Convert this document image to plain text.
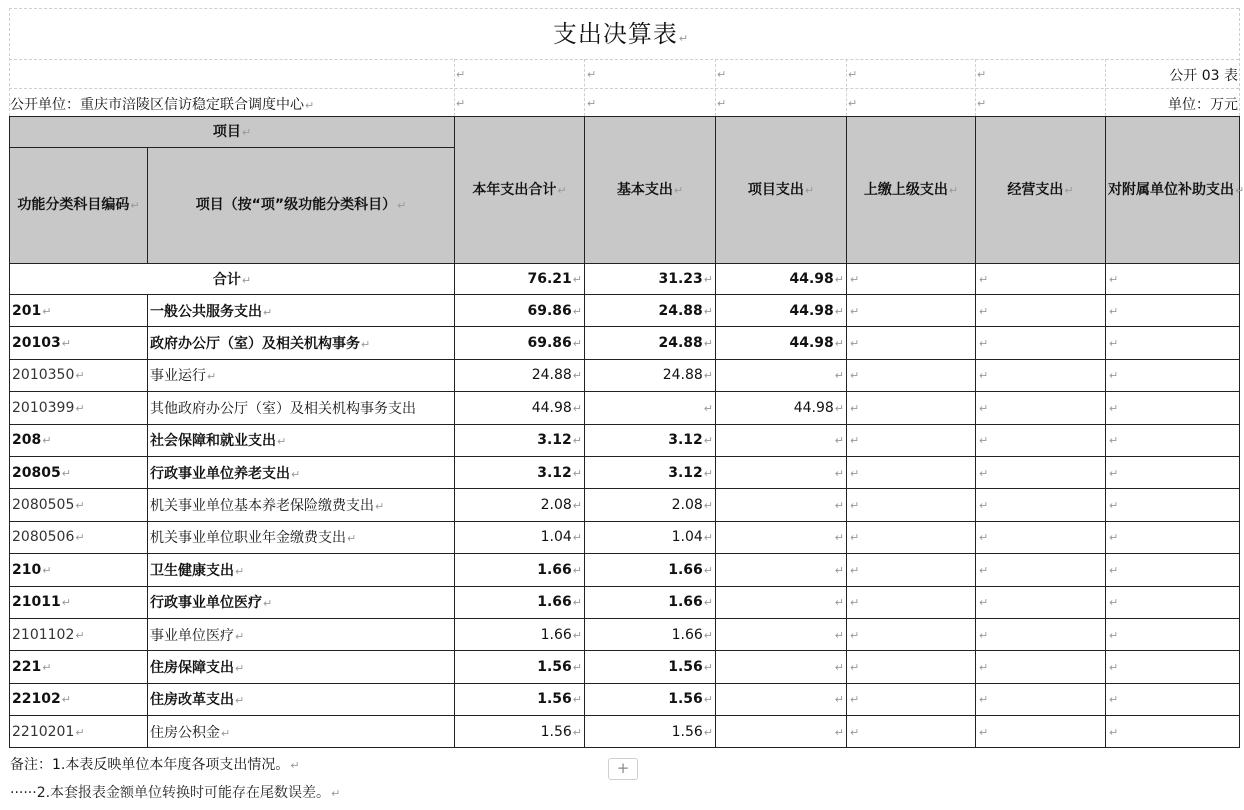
支出决算表↵
↵	↵	↵	↵	↵
↵	↵	↵	↵	↵
公开 03 表
公开单位：重庆市涪陵区信访稳定联合调度中心↵	单位：万元
项目↵		本年支出合计↵	基本支出↵	项目支出↵	上缴上级支出↵	经营支出↵	对附属单位补助支出↵
功能分类科目编码↵	项目（按“项”级功能分类科目）↵						
合计↵		76.21↵	31.23↵	44.98↵	↵	↵	↵
201↵	一般公共服务支出↵	69.86↵	24.88↵	44.98↵	↵	↵	↵
20103↵	政府办公厅（室）及相关机构事务↵	69.86↵	24.88↵	44.98↵	↵	↵	↵
2010350↵	事业运行↵	24.88↵	24.88↵	↵	↵	↵	↵
2010399↵	其他政府办公厅（室）及相关机构事务支出	44.98↵	↵	44.98↵	↵	↵	↵
208↵	社会保障和就业支出↵	3.12↵	3.12↵	↵	↵	↵	↵
20805↵	行政事业单位养老支出↵	3.12↵	3.12↵	↵	↵	↵	↵
2080505↵	机关事业单位基本养老保险缴费支出↵	2.08↵	2.08↵	↵	↵	↵	↵
2080506↵	机关事业单位职业年金缴费支出↵	1.04↵	1.04↵	↵	↵	↵	↵
210↵	卫生健康支出↵	1.66↵	1.66↵	↵	↵	↵	↵
21011↵	行政事业单位医疗↵	1.66↵	1.66↵	↵	↵	↵	↵
2101102↵	事业单位医疗↵	1.66↵	1.66↵	↵	↵	↵	↵
221↵	住房保障支出↵	1.56↵	1.56↵	↵	↵	↵	↵
22102↵	住房改革支出↵	1.56↵	1.56↵	↵	↵	↵	↵
2210201↵	住房公积金↵	1.56↵	1.56↵	↵	↵	↵	↵
备注：1.本表反映单位本年度各项支出情况。↵
······2.本套报表金额单位转换时可能存在尾数误差。↵
+
